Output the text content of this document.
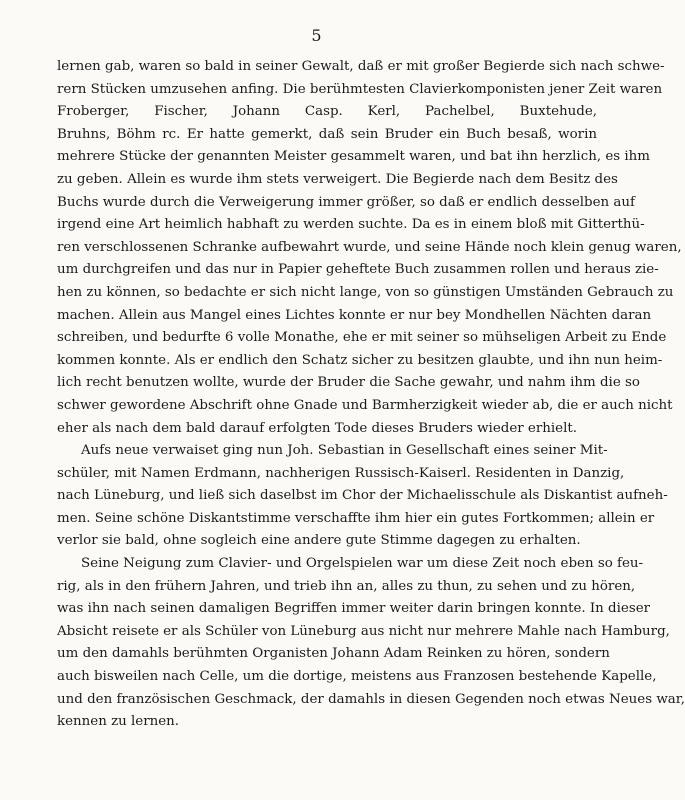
5
lernen gab, waren so bald in seiner Gewalt, daß er mit großer Begierde sich nach schwe-
rern Stücken umzusehen anfing. Die berühmtesten Clavierkomponisten jener Zeit waren
Froberger, Fischer, Johann Casp. Kerl, Pachelbel, Buxtehude,
Bruhns, Böhm rc. Er hatte gemerkt, daß sein Bruder ein Buch besaß, worin
mehrere Stücke der genannten Meister gesammelt waren, und bat ihn herzlich, es ihm
zu geben. Allein es wurde ihm stets verweigert. Die Begierde nach dem Besitz des
Buchs wurde durch die Verweigerung immer größer, so daß er endlich desselben auf
irgend eine Art heimlich habhaft zu werden suchte. Da es in einem bloß mit Gitterthü-
ren verschlossenen Schranke aufbewahrt wurde, und seine Hände noch klein genug waren,
um durchgreifen und das nur in Papier geheftete Buch zusammen rollen und heraus zie-
hen zu können, so bedachte er sich nicht lange, von so günstigen Umständen Gebrauch zu
machen. Allein aus Mangel eines Lichtes konnte er nur bey Mondhellen Nächten daran
schreiben, und bedurfte 6 volle Monathe, ehe er mit seiner so mühseligen Arbeit zu Ende
kommen konnte. Als er endlich den Schatz sicher zu besitzen glaubte, und ihn nun heim-
lich recht benutzen wollte, wurde der Bruder die Sache gewahr, und nahm ihm die so
schwer gewordene Abschrift ohne Gnade und Barmherzigkeit wieder ab, die er auch nicht
eher als nach dem bald darauf erfolgten Tode dieses Bruders wieder erhielt.
Aufs neue verwaiset ging nun Joh. Sebastian in Gesellschaft eines seiner Mit-
schüler, mit Namen Erdmann, nachherigen Russisch-Kaiserl. Residenten in Danzig,
nach Lüneburg, und ließ sich daselbst im Chor der Michaelisschule als Diskantist aufneh-
men. Seine schöne Diskantstimme verschaffte ihm hier ein gutes Fortkommen; allein er
verlor sie bald, ohne sogleich eine andere gute Stimme dagegen zu erhalten.
Seine Neigung zum Clavier- und Orgelspielen war um diese Zeit noch eben so feu-
rig, als in den frühern Jahren, und trieb ihn an, alles zu thun, zu sehen und zu hören,
was ihn nach seinen damaligen Begriffen immer weiter darin bringen konnte. In dieser
Absicht reisete er als Schüler von Lüneburg aus nicht nur mehrere Mahle nach Hamburg,
um den damahls berühmten Organisten Johann Adam Reinken zu hören, sondern
auch bisweilen nach Celle, um die dortige, meistens aus Franzosen bestehende Kapelle,
und den französischen Geschmack, der damahls in diesen Gegenden noch etwas Neues war,
kennen zu lernen.
